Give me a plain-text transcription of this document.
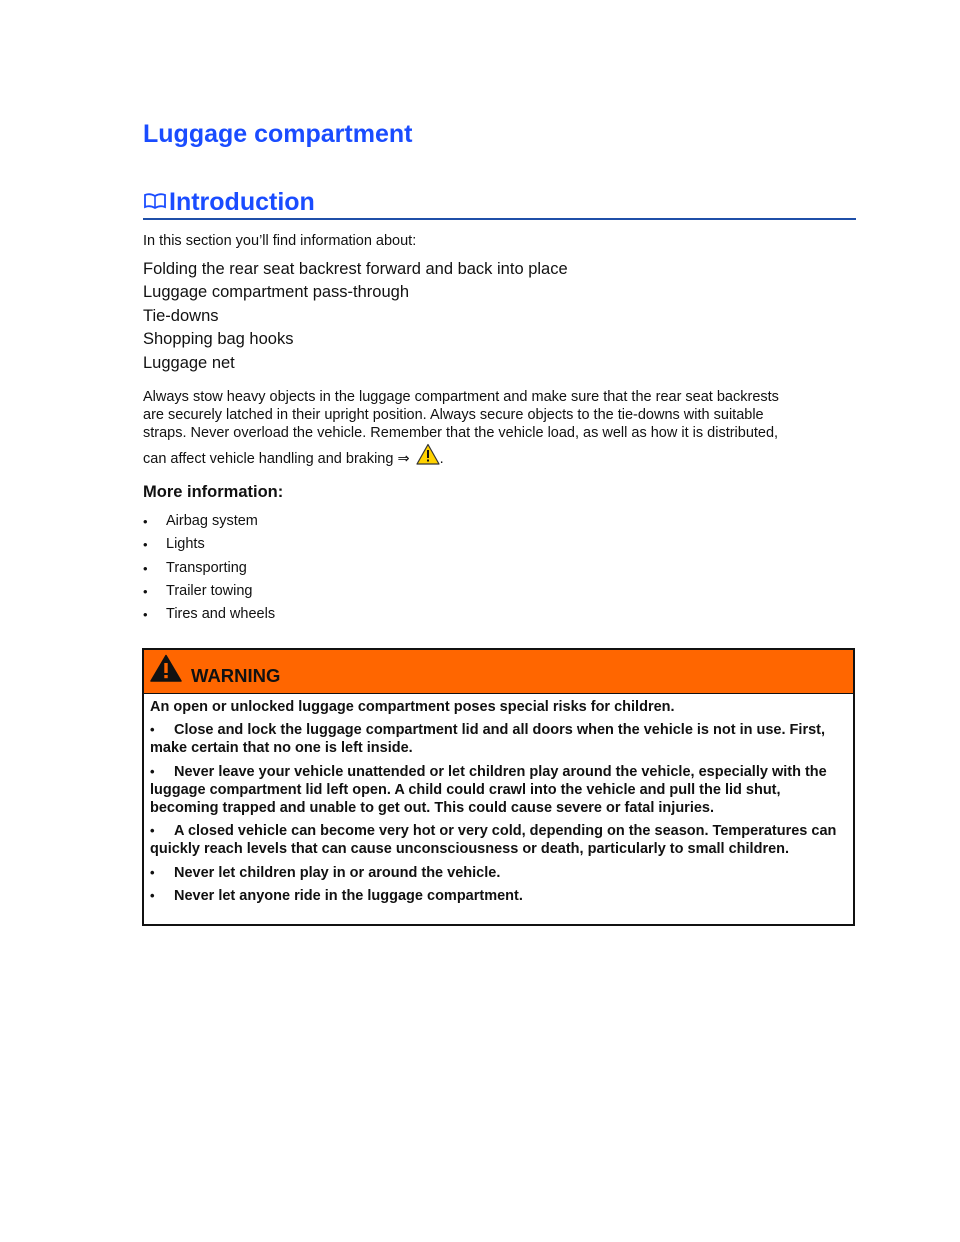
Luggage compartment
Introduction

In this section you’ll find information about:

Folding the rear seat backrest forward and back into place
Luggage compartment pass-through
Tie-downs
Shopping bag hooks
Luggage net

Always stow heavy objects in the luggage compartment and make sure that the rear seat backrests
are securely latched in their upright position. Always secure objects to the tie-downs with suitable
straps. Never overload the vehicle. Remember that the vehicle load, as well as how it is distributed,
can affect vehicle handling and braking ⇒ .

More information:
• Airbag system
• Lights
• Transporting
• Trailer towing
• Tires and wheels
WARNING

An open or unlocked luggage compartment poses special risks for children.

• Close and lock the luggage compartment lid and all doors when the vehicle is not in use. First, make certain that no one is left inside.
• Never leave your vehicle unattended or let children play around the vehicle, especially with the luggage compartment lid left open. A child could crawl into the vehicle and pull the lid shut, becoming trapped and unable to get out. This could cause severe or fatal injuries.
• A closed vehicle can become very hot or very cold, depending on the season. Temperatures can quickly reach levels that can cause unconsciousness or death, particularly to small children.
• Never let children play in or around the vehicle.
• Never let anyone ride in the luggage compartment.
